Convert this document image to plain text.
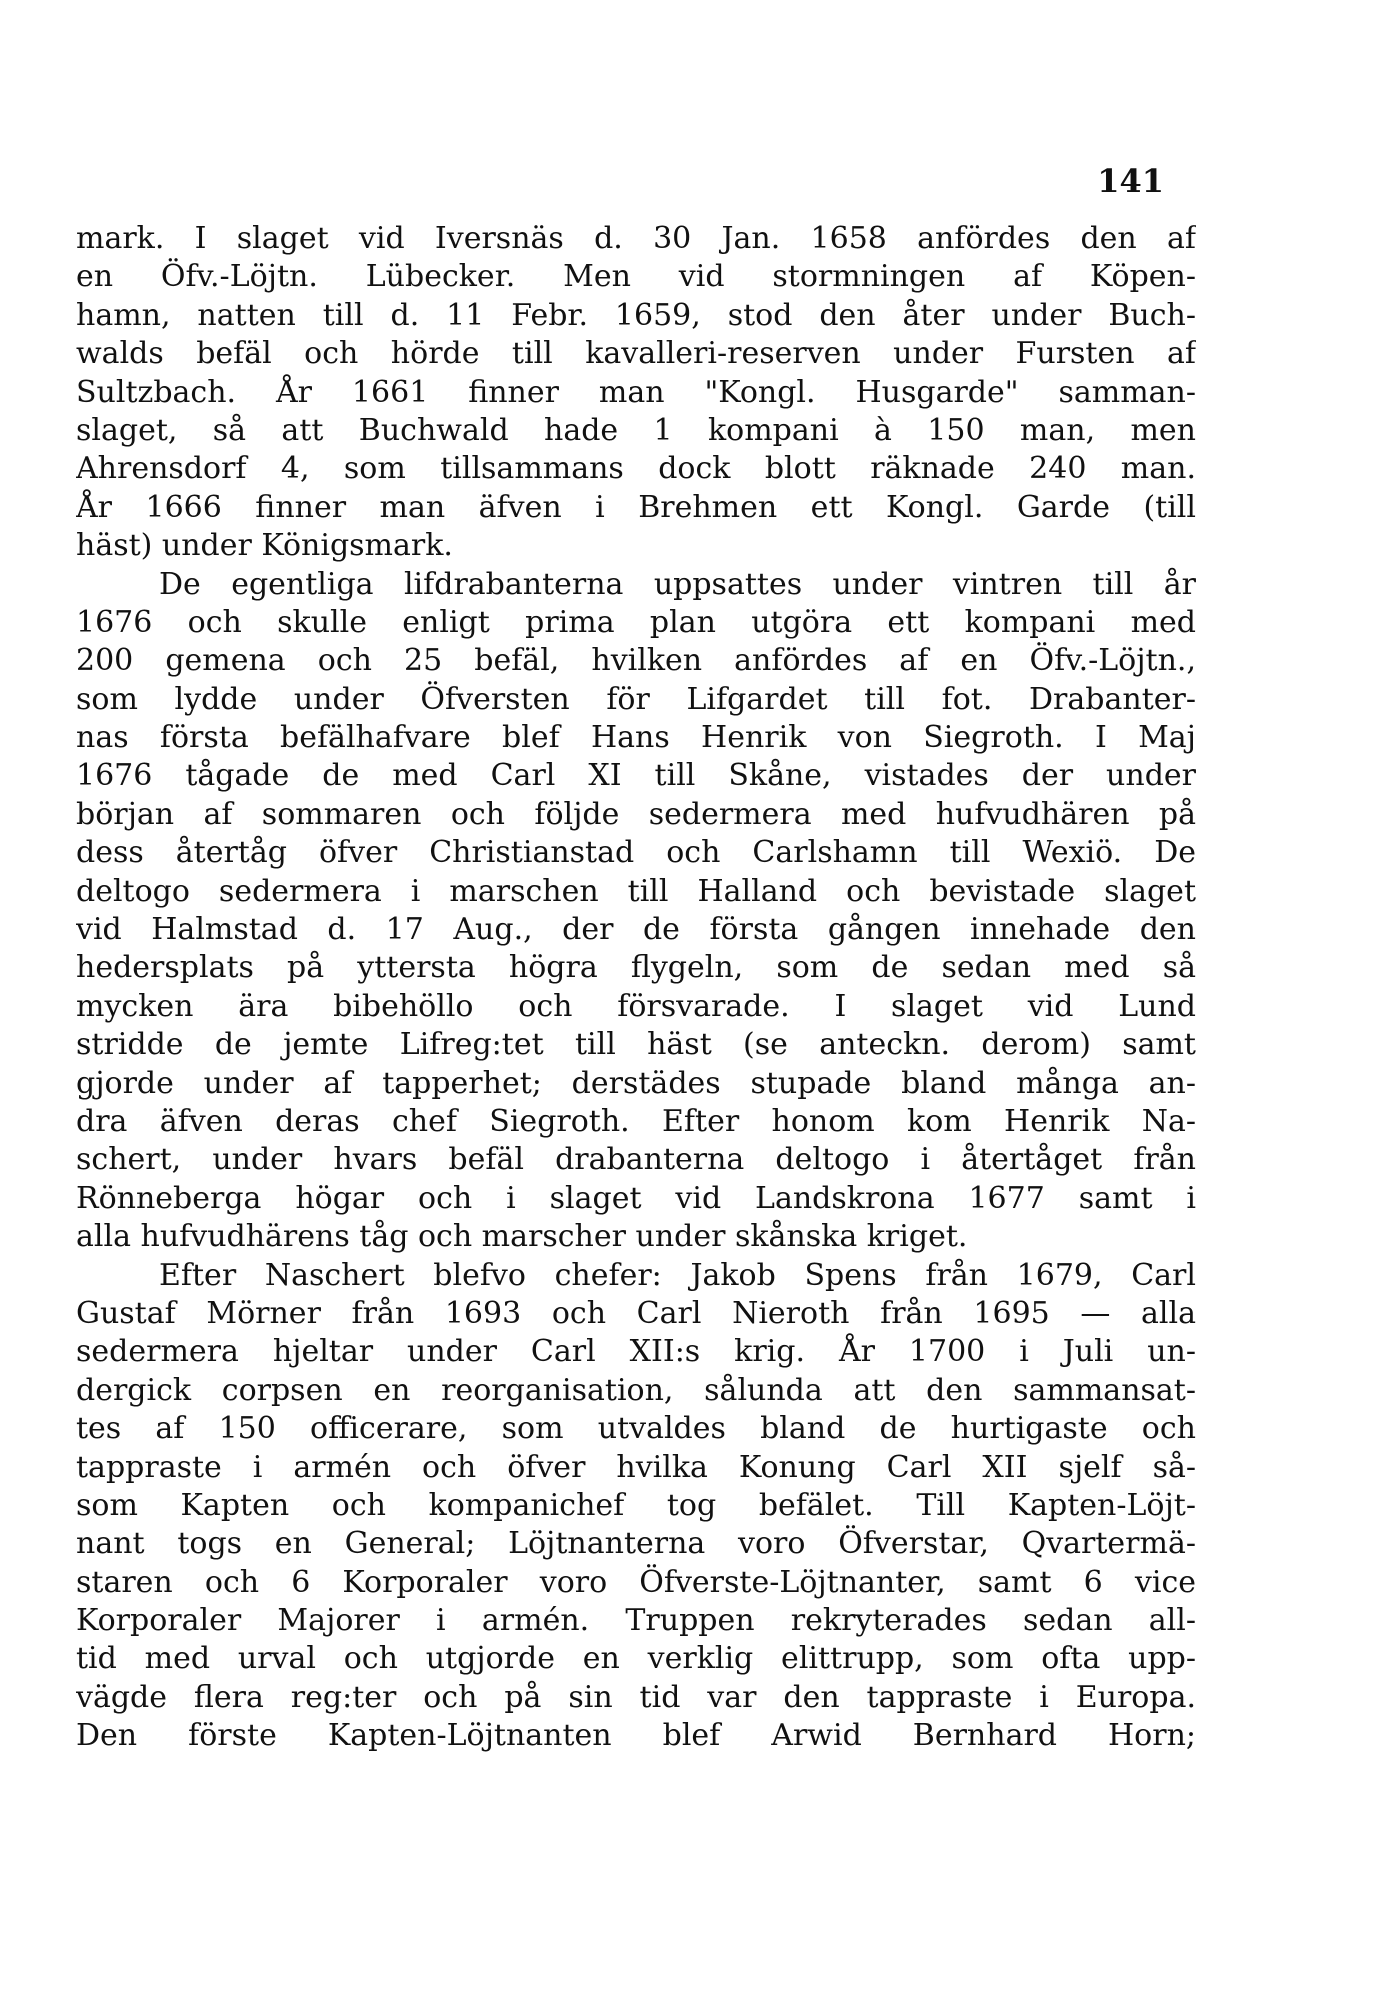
141
mark. I slaget vid Iversnäs d. 30 Jan. 1658 anfördes den af
en Öfv.-Löjtn. Lübecker. Men vid stormningen af Köpen-
hamn, natten till d. 11 Febr. 1659, stod den åter under Buch-
walds befäl och hörde till kavalleri-reserven under Fursten af
Sultzbach. År 1661 finner man "Kongl. Husgarde" samman-
slaget, så att Buchwald hade 1 kompani à 150 man, men
Ahrensdorf 4, som tillsammans dock blott räknade 240 man.
År 1666 finner man äfven i Brehmen ett Kongl. Garde (till
häst) under Königsmark.
De egentliga lifdrabanterna uppsattes under vintren till år
1676 och skulle enligt prima plan utgöra ett kompani med
200 gemena och 25 befäl, hvilken anfördes af en Öfv.-Löjtn.,
som lydde under Öfversten för Lifgardet till fot. Drabanter-
nas första befälhafvare blef Hans Henrik von Siegroth. I Maj
1676 tågade de med Carl XI till Skåne, vistades der under
början af sommaren och följde sedermera med hufvudhären på
dess återtåg öfver Christianstad och Carlshamn till Wexiö. De
deltogo sedermera i marschen till Halland och bevistade slaget
vid Halmstad d. 17 Aug., der de första gången innehade den
hedersplats på yttersta högra flygeln, som de sedan med så
mycken ära bibehöllo och försvarade. I slaget vid Lund
stridde de jemte Lifreg:tet till häst (se anteckn. derom) samt
gjorde under af tapperhet; derstädes stupade bland många an-
dra äfven deras chef Siegroth. Efter honom kom Henrik Na-
schert, under hvars befäl drabanterna deltogo i återtåget från
Rönneberga högar och i slaget vid Landskrona 1677 samt i
alla hufvudhärens tåg och marscher under skånska kriget.
Efter Naschert blefvo chefer: Jakob Spens från 1679, Carl
Gustaf Mörner från 1693 och Carl Nieroth från 1695 — alla
sedermera hjeltar under Carl XII:s krig. År 1700 i Juli un-
dergick corpsen en reorganisation, sålunda att den sammansat-
tes af 150 officerare, som utvaldes bland de hurtigaste och
tappraste i armén och öfver hvilka Konung Carl XII sjelf så-
som Kapten och kompanichef tog befälet. Till Kapten-Löjt-
nant togs en General; Löjtnanterna voro Öfverstar, Qvartermä-
staren och 6 Korporaler voro Öfverste-Löjtnanter, samt 6 vice
Korporaler Majorer i armén. Truppen rekryterades sedan all-
tid med urval och utgjorde en verklig elittrupp, som ofta upp-
vägde flera reg:ter och på sin tid var den tappraste i Europa.
Den förste Kapten-Löjtnanten blef Arwid Bernhard Horn;
